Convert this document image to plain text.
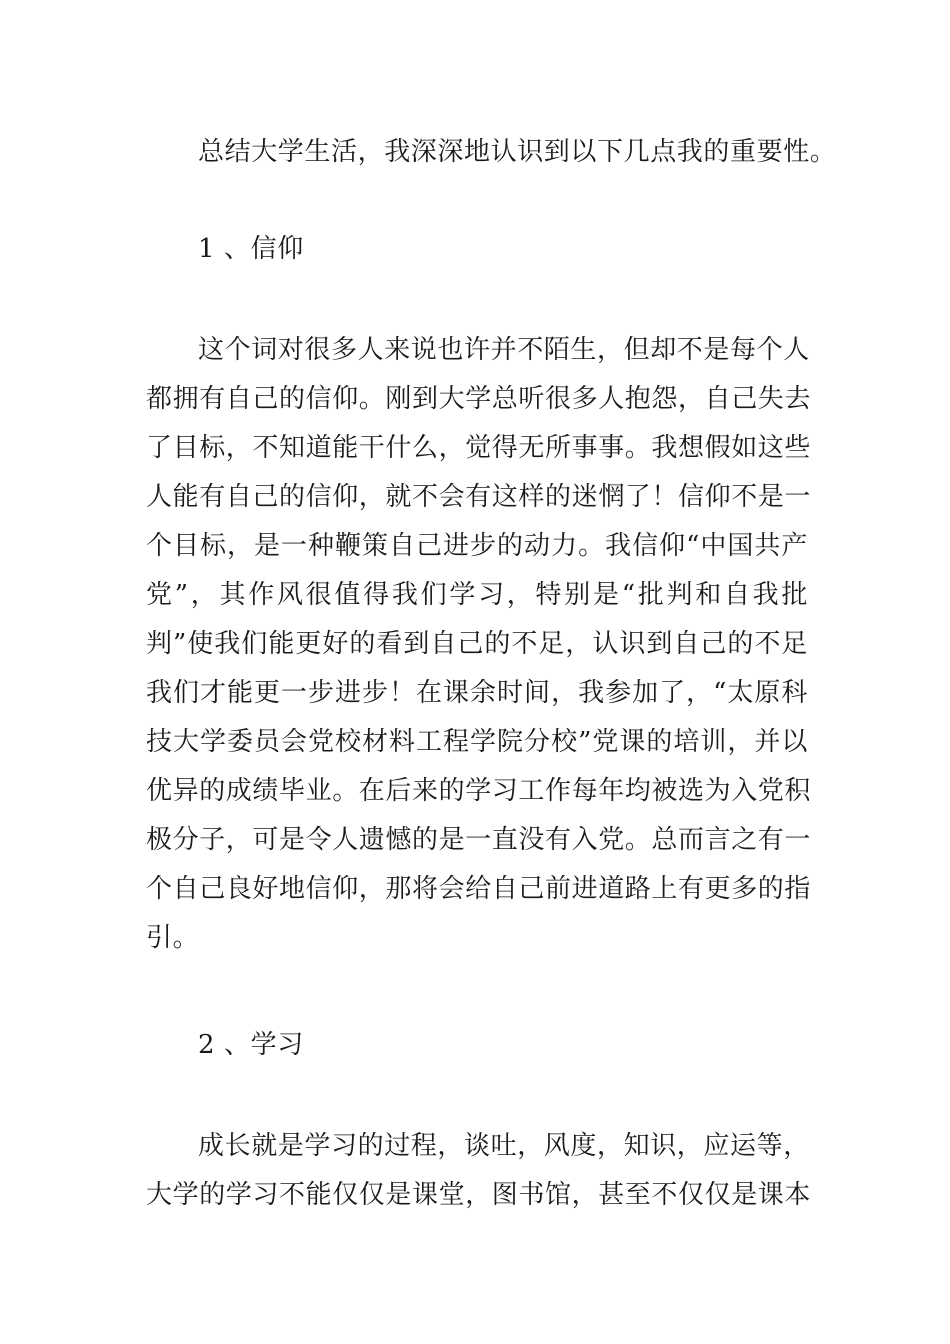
总结大学生活，我深深地认识到以下几点我的重要性。
1 、信仰
这个词对很多人来说也许并不陌生，但却不是每个人
都拥有自己的信仰。刚到大学总听很多人抱怨，自己失去
了目标，不知道能干什么，觉得无所事事。我想假如这些
人能有自己的信仰，就不会有这样的迷惘了！信仰不是一
个目标，是一种鞭策自己进步的动力。我信仰“中国共产
党”，其作风很值得我们学习，特别是“批判和自我批
判”使我们能更好的看到自己的不足，认识到自己的不足
我们才能更一步进步！在课余时间，我参加了，“太原科
技大学委员会党校材料工程学院分校”党课的培训，并以
优异的成绩毕业。在后来的学习工作每年均被选为入党积
极分子，可是令人遗憾的是一直没有入党。总而言之有一
个自己良好地信仰，那将会给自己前进道路上有更多的指
引。
2 、学习
成长就是学习的过程，谈吐，风度，知识，应运等，
大学的学习不能仅仅是课堂，图书馆，甚至不仅仅是课本
